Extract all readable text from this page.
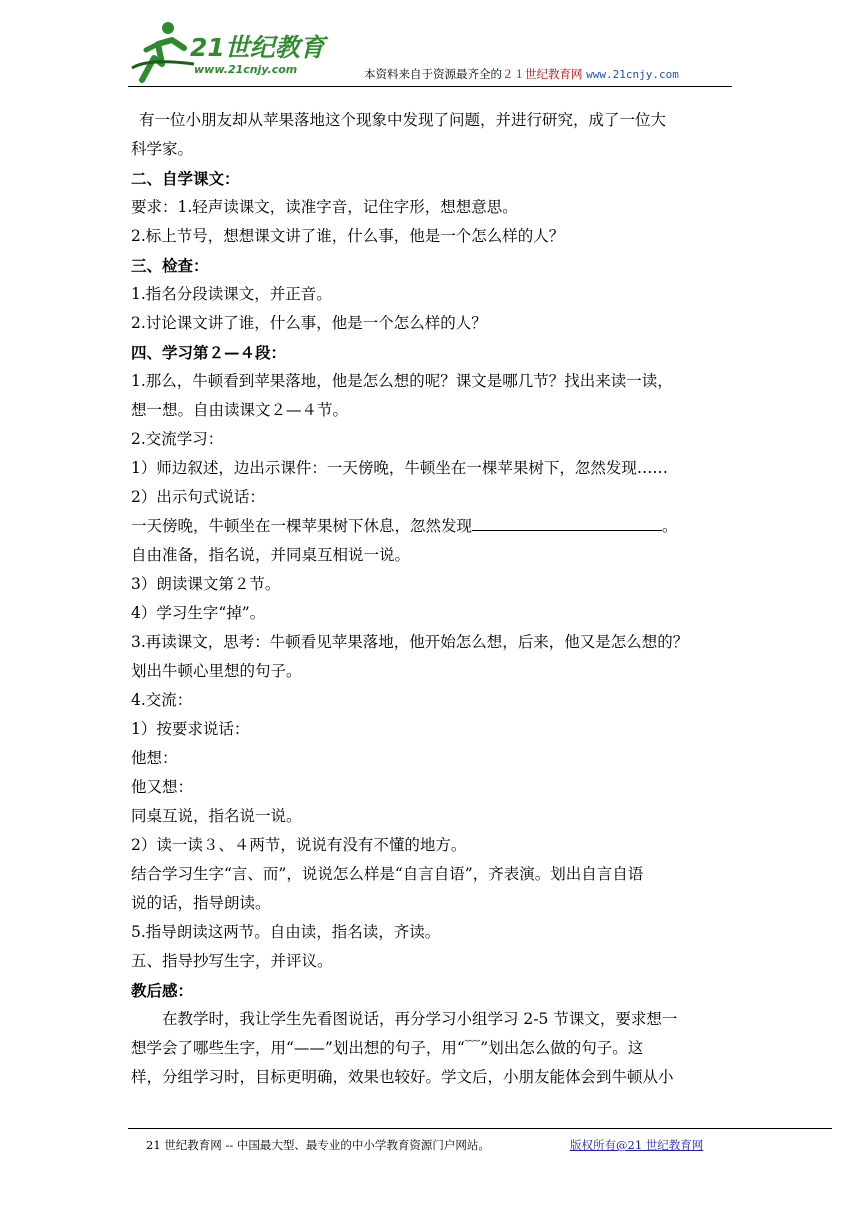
21世纪教育
www.21cnjy.com	本资料来自于资源最齐全的２１世纪教育网 www.21cnjy.com
有一位小朋友却从苹果落地这个现象中发现了问题，并进行研究，成了一位大
科学家。
二、自学课文：
要求：1.轻声读课文，读准字音，记住字形，想想意思。
2.标上节号，想想课文讲了谁，什么事，他是一个怎么样的人？
三、检查：
1.指名分段读课文，并正音。
2.讨论课文讲了谁，什么事，他是一个怎么样的人？
四、学习第２—４段：
1.那么，牛顿看到苹果落地，他是怎么想的呢？课文是哪几节？找出来读一读，
想一想。自由读课文２—４节。
2.交流学习：
1）师边叙述，边出示课件：一天傍晚，牛顿坐在一棵苹果树下，忽然发现……
2）出示句式说话：
一天傍晚，牛顿坐在一棵苹果树下休息，忽然发现	。
自由准备，指名说，并同桌互相说一说。
3）朗读课文第２节。
4）学习生字“掉”。
3.再读课文，思考：牛顿看见苹果落地，他开始怎么想，后来，他又是怎么想的？
划出牛顿心里想的句子。
4.交流：
1）按要求说话：
他想：
他又想：
同桌互说，指名说一说。
2）读一读３、４两节，说说有没有不懂的地方。
结合学习生字“言、而”，说说怎么样是“自言自语”，齐表演。划出自言自语
说的话，指导朗读。
5.指导朗读这两节。自由读，指名读，齐读。
五、指导抄写生字，并评议。
教后感：
在教学时，我让学生先看图说话，再分学习小组学习 2-5 节课文，要求想一
想学会了哪些生字，用“——”划出想的句子，用“﹋”划出怎么做的句子。这
样，分组学习时，目标更明确，效果也较好。学文后，小朋友能体会到牛顿从小
21 世纪教育网 -- 中国最大型、最专业的中小学教育资源门户网站。	版权所有@21 世纪教育网
